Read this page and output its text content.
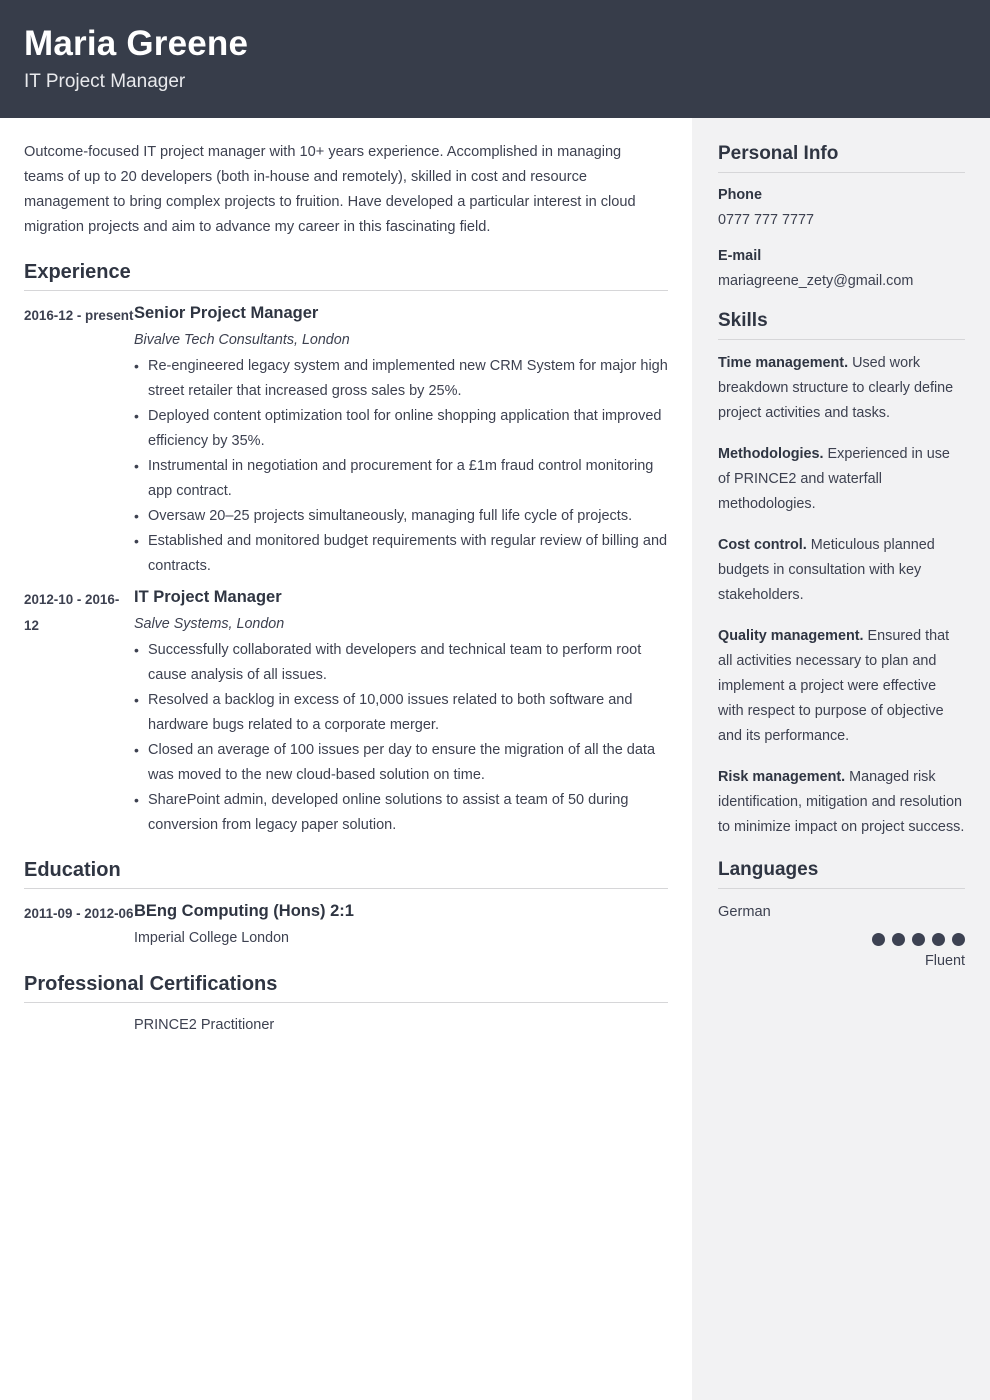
Maria Greene
IT Project Manager

Outcome-focused IT project manager with 10+ years experience. Accomplished in managing teams of up to 20 developers (both in-house and remotely), skilled in cost and resource management to bring complex projects to fruition. Have developed a particular interest in cloud migration projects and aim to advance my career in this fascinating field.

Experience
2016-12 - present Senior Project Manager
Bivalve Tech Consultants, London
• Re-engineered legacy system and implemented new CRM System for major high street retailer that increased gross sales by 25%.
• Deployed content optimization tool for online shopping application that improved efficiency by 35%.
• Instrumental in negotiation and procurement for a £1m fraud control monitoring app contract.
• Oversaw 20–25 projects simultaneously, managing full life cycle of projects.
• Established and monitored budget requirements with regular review of billing and contracts.
2012-10 - 2016-12
IT Project Manager
Salve Systems, London
• Successfully collaborated with developers and technical team to perform root cause analysis of all issues.
• Resolved a backlog in excess of 10,000 issues related to both software and hardware bugs related to a corporate merger.
• Closed an average of 100 issues per day to ensure the migration of all the data was moved to the new cloud-based solution on time.
• SharePoint admin, developed online solutions to assist a team of 50 during conversion from legacy paper solution.
Education
2011-09 - 2012-06 BEng Computing (Hons) 2:1
Imperial College London
Professional Certifications
PRINCE2 Practitioner
Personal Info
Phone
0777 777 7777
E-mail
mariagreene_zety@gmail.com
Skills

Time management. Used work breakdown structure to clearly define project activities and tasks.

Methodologies. Experienced in use of PRINCE2 and waterfall methodologies.

Cost control. Meticulous planned budgets in consultation with key stakeholders.

Quality management. Ensured that all activities necessary to plan and implement a project were effective with respect to purpose of objective and its performance.

Risk management. Managed risk identification, mitigation and resolution to minimize impact on project success.

Languages
German
Fluent
